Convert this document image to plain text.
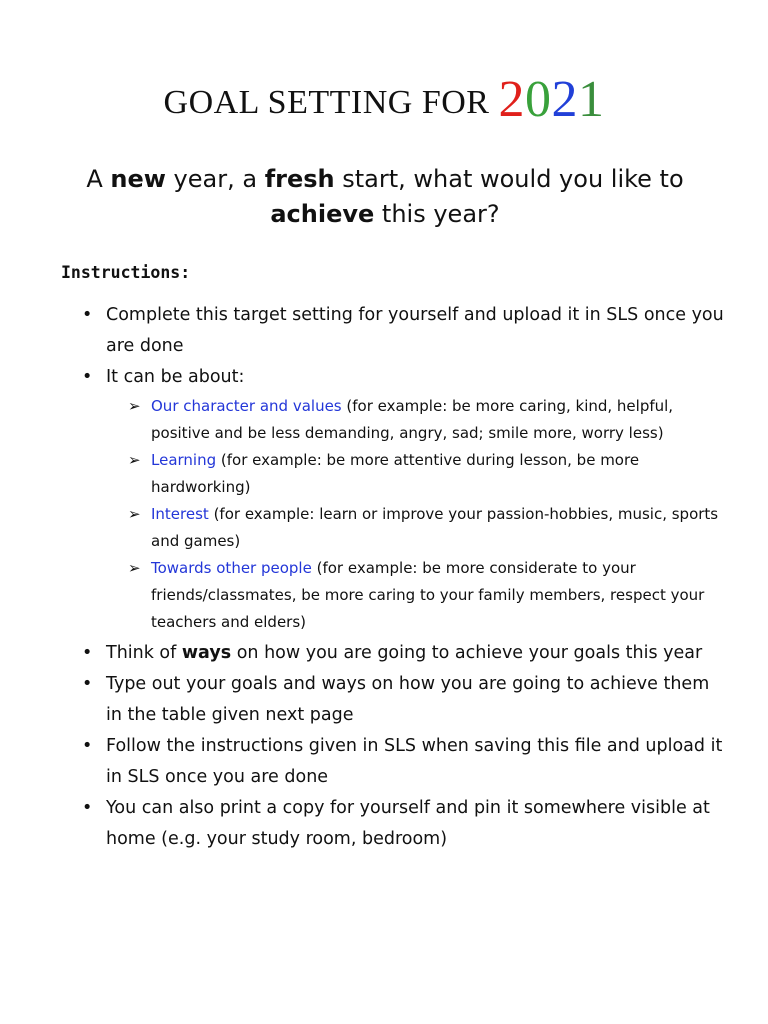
GOAL SETTING FOR 2021
A new year, a fresh start, what would you like to
achieve this year?
Instructions:
• Complete this target setting for yourself and upload it in SLS once you are done
• It can be about:
➢ Our character and values (for example: be more caring, kind, helpful, positive and be less demanding, angry, sad; smile more, worry less)
➢ Learning (for example: be more attentive during lesson, be more hardworking)
➢ Interest (for example: learn or improve your passion-hobbies, music, sports and games)
➢ Towards other people (for example: be more considerate to your friends/classmates, be more caring to your family members, respect your teachers and elders)
• Think of ways on how you are going to achieve your goals this year
• Type out your goals and ways on how you are going to achieve them in the table given next page
• Follow the instructions given in SLS when saving this file and upload it in SLS once you are done
• You can also print a copy for yourself and pin it somewhere visible at home (e.g. your study room, bedroom)
